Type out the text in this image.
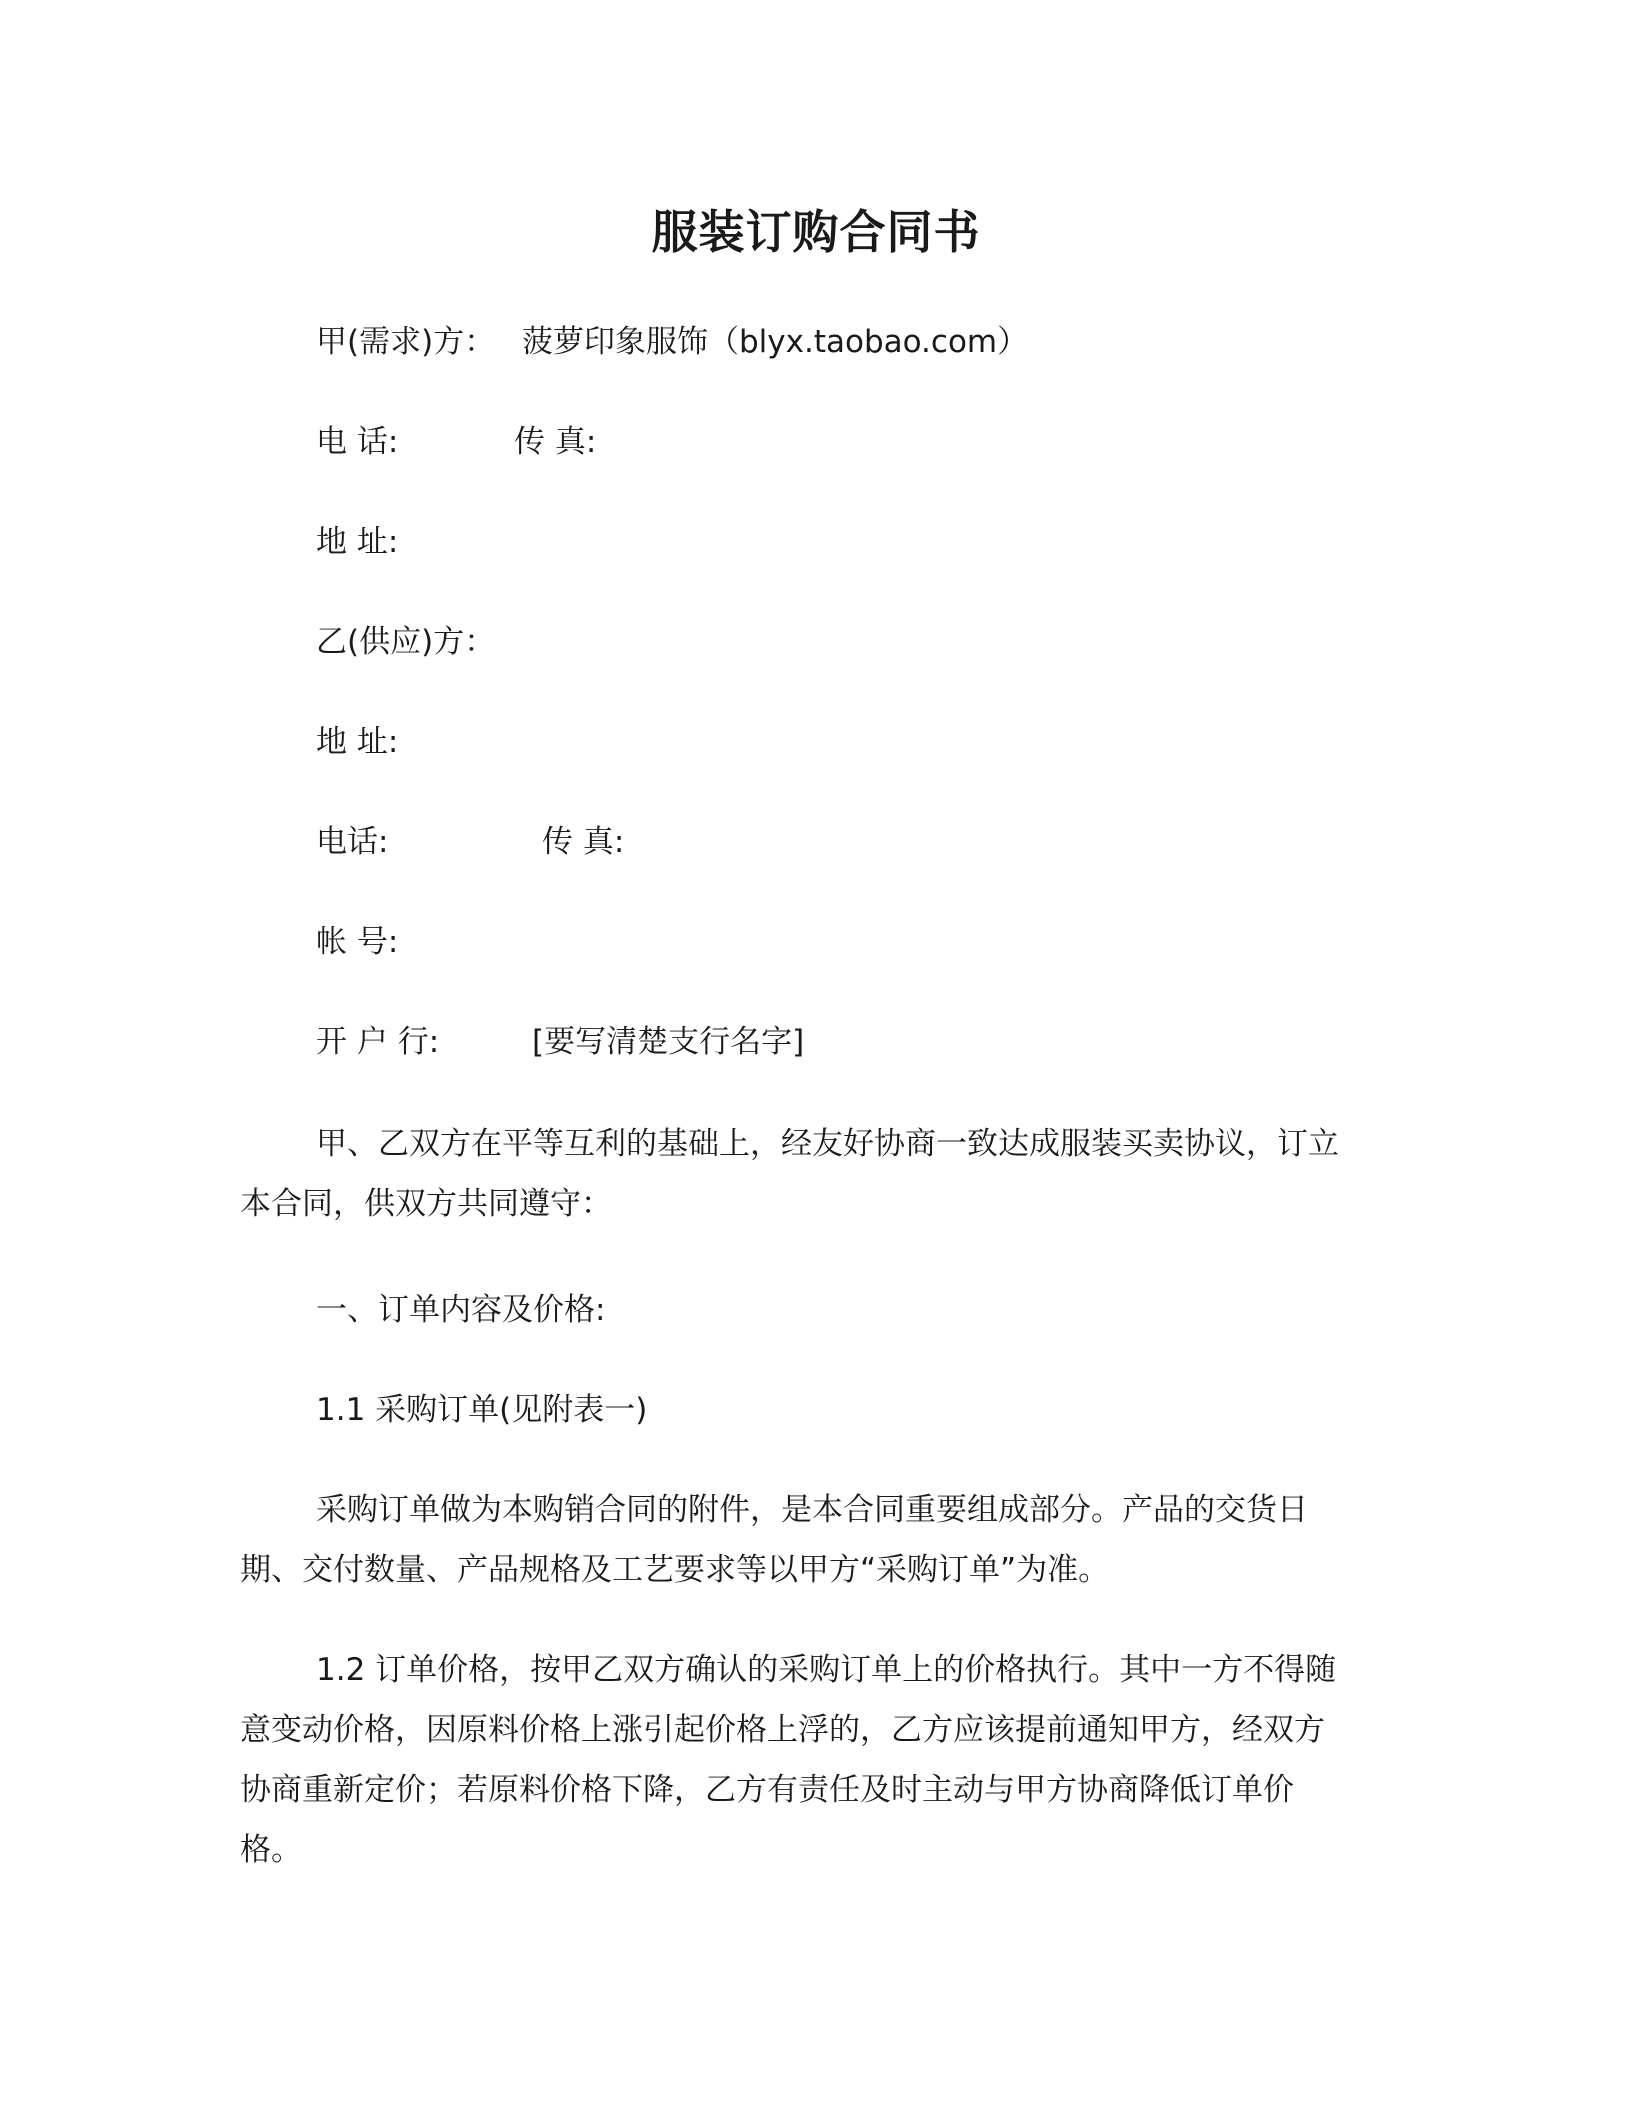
服装订购合同书
甲(需求)方： 菠萝印象服饰（blyx.taobao.com）
电 话:	传 真:
地 址:
乙(供应)方：
地 址:
电话:	传 真:
帐 号:
开 户 行:	[要写清楚支行名字]
甲、乙双方在平等互利的基础上，经友好协商一致达成服装买卖协议，订立
本合同，供双方共同遵守：
一、订单内容及价格:
1.1 采购订单(见附表一)
采购订单做为本购销合同的附件，是本合同重要组成部分。产品的交货日
期、交付数量、产品规格及工艺要求等以甲方“采购订单”为准。
1.2 订单价格，按甲乙双方确认的采购订单上的价格执行。其中一方不得随
意变动价格，因原料价格上涨引起价格上浮的，乙方应该提前通知甲方，经双方
协商重新定价；若原料价格下降，乙方有责任及时主动与甲方协商降低订单价
格。
